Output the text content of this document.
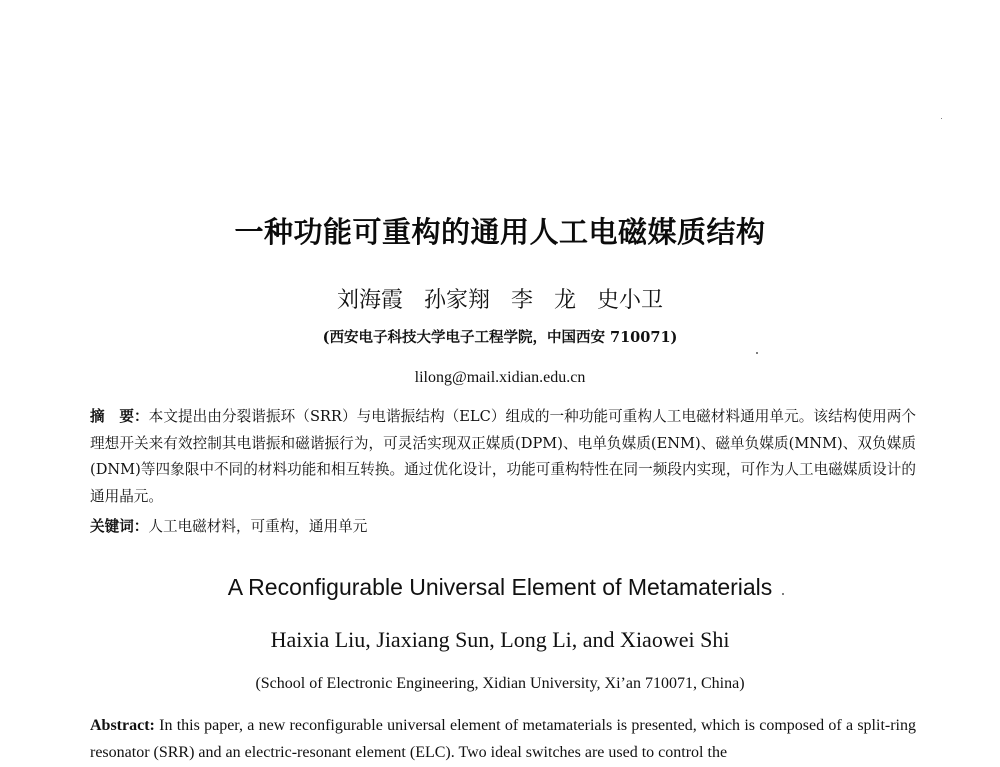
一种功能可重构的通用人工电磁媒质结构
刘海霞 孙家翔 李 龙 史小卫
(西安电子科技大学电子工程学院，中国西安 710071)
lilong@mail.xidian.edu.cn
摘　要：本文提出由分裂谐振环（SRR）与电谐振结构（ELC）组成的一种功能可重构人工电磁材料通用单元。该结构使用两个理想开关来有效控制其电谐振和磁谐振行为，可灵活实现双正媒质(DPM)、电单负媒质(ENM)、磁单负媒质(MNM)、双负媒质(DNM)等四象限中不同的材料功能和相互转换。通过优化设计，功能可重构特性在同一频段内实现，可作为人工电磁媒质设计的通用晶元。
关键词：人工电磁材料，可重构，通用单元
A Reconfigurable Universal Element of Metamaterials
Haixia Liu, Jiaxiang Sun, Long Li, and Xiaowei Shi
(School of Electronic Engineering, Xidian University, Xi’an 710071, China)
Abstract: In this paper, a new reconfigurable universal element of metamaterials is presented, which is composed of a split-ring resonator (SRR) and an electric-resonant element (ELC). Two ideal switches are used to control the
